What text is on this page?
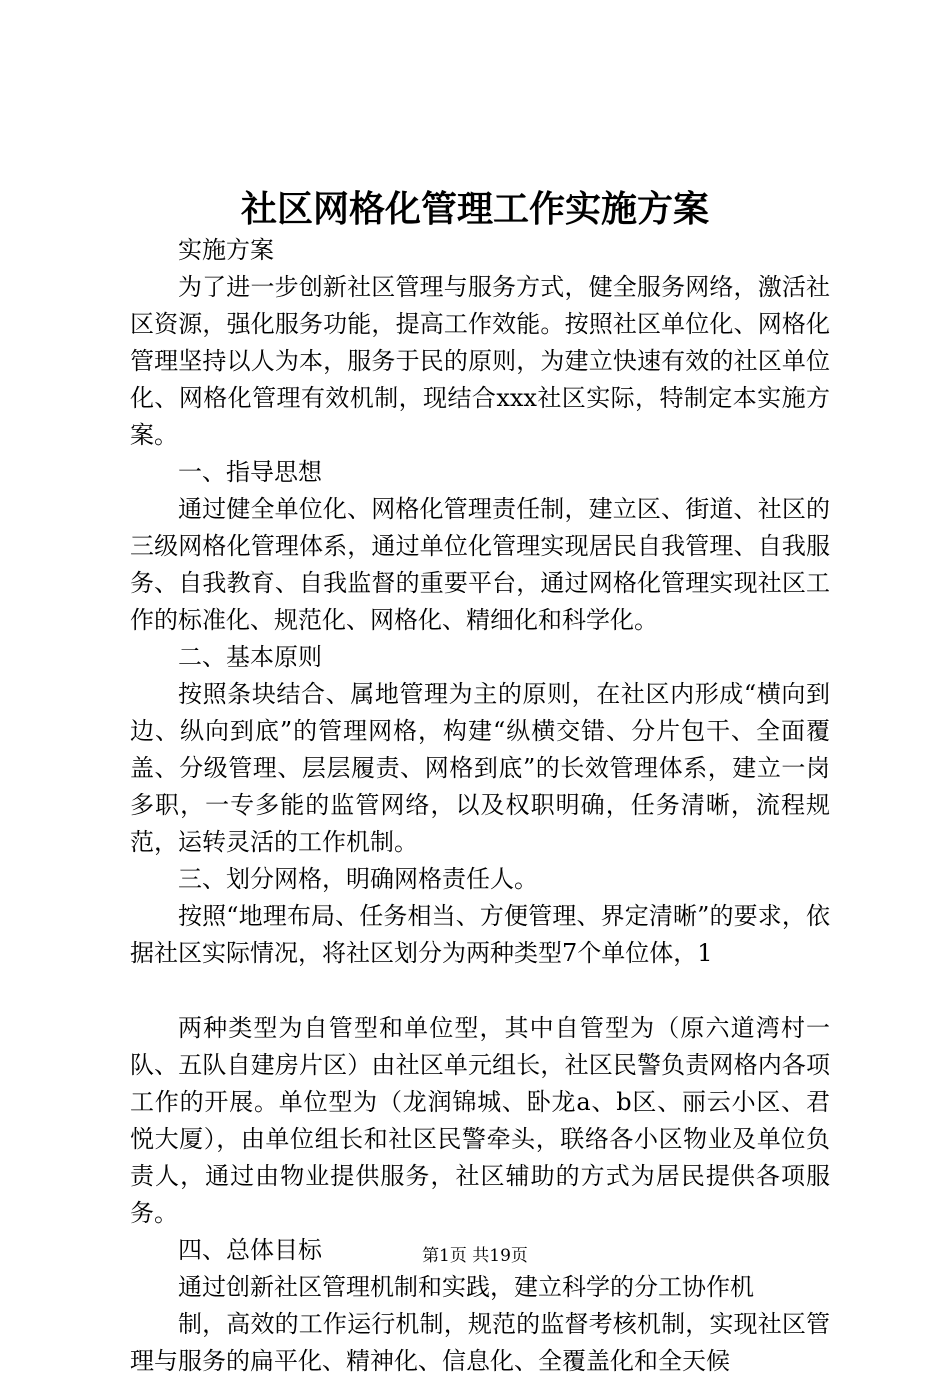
社区网格化管理工作实施方案

实施方案

为了进一步创新社区管理与服务方式，健全服务网络，激活社区资源，强化服务功能，提高工作效能。按照社区单位化、网格化管理坚持以人为本，服务于民的原则，为建立快速有效的社区单位化、网格化管理有效机制，现结合xxx社区实际，特制定本实施方案。

一、指导思想

通过健全单位化、网格化管理责任制，建立区、街道、社区的三级网格化管理体系，通过单位化管理实现居民自我管理、自我服务、自我教育、自我监督的重要平台，通过网格化管理实现社区工作的标准化、规范化、网格化、精细化和科学化。

二、基本原则

按照条块结合、属地管理为主的原则，在社区内形成“横向到边、纵向到底”的管理网格，构建“纵横交错、分片包干、全面覆盖、分级管理、层层履责、网格到底”的长效管理体系，建立一岗多职，一专多能的监管网络，以及权职明确，任务清晰，流程规范，运转灵活的工作机制。

三、划分网格，明确网格责任人。

按照“地理布局、任务相当、方便管理、界定清晰”的要求，依据社区实际情况，将社区划分为两种类型7个单位体，1

两种类型为自管型和单位型，其中自管型为（原六道湾村一队、五队自建房片区）由社区单元组长，社区民警负责网格内各项工作的开展。单位型为（龙润锦城、卧龙a、b区、丽云小区、君悦大厦），由单位组长和社区民警牵头，联络各小区物业及单位负责人，通过由物业提供服务，社区辅助的方式为居民提供各项服务。

四、总体目标

通过创新社区管理机制和实践，建立科学的分工协作机

制，高效的工作运行机制，规范的监督考核机制，实现社区管理与服务的扁平化、精神化、信息化、全覆盖化和全天候

第1页 共19页
